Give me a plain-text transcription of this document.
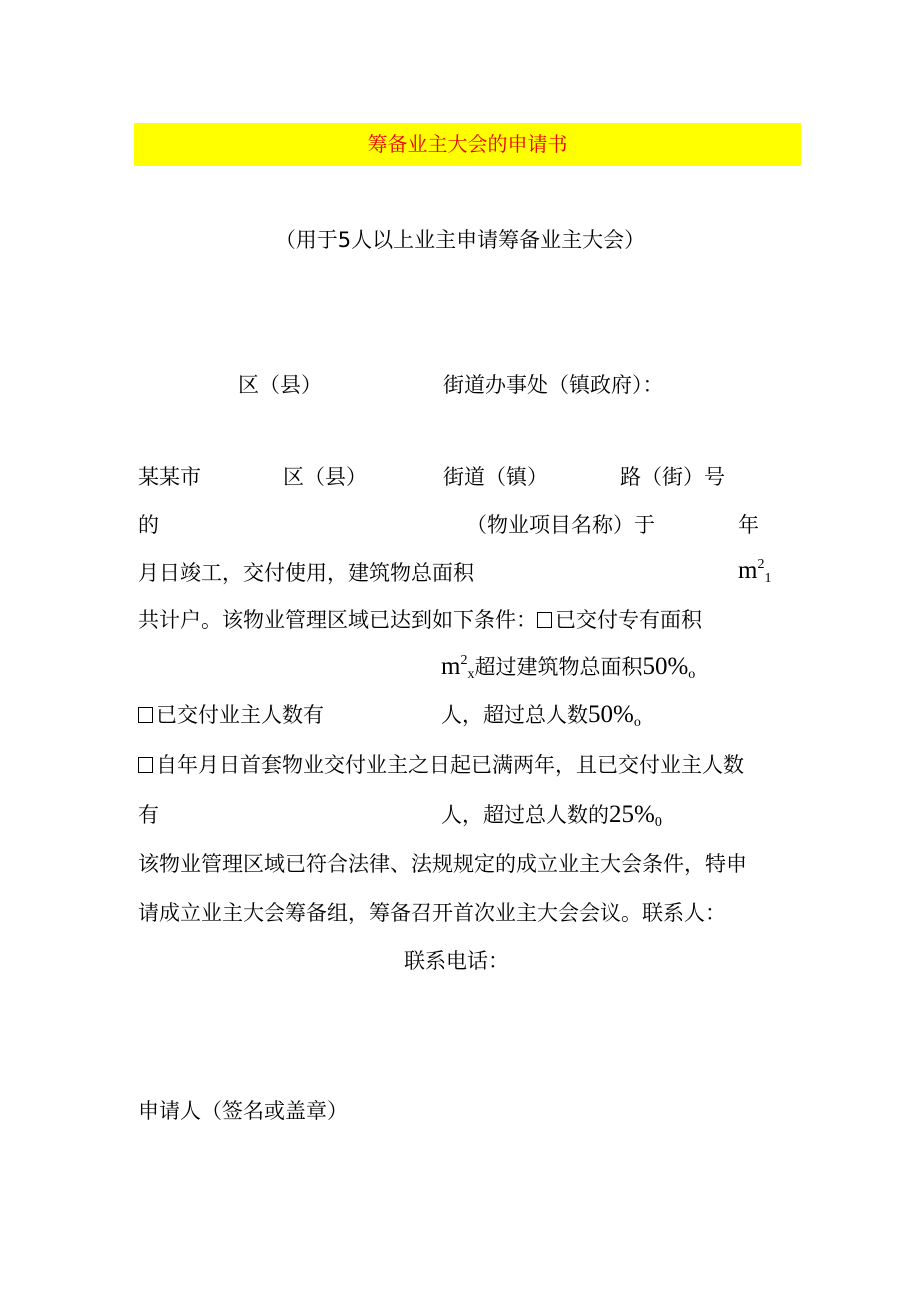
筹备业主大会的申请书
（用于5人以上业主申请筹备业主大会）
区（县）	街道办事处（镇政府）：
某某市	区（县）	街道（镇）	路（街）号
的	（物业项目名称）于	年
月日竣工，交付使用，建筑物总面积	$m^2_1$
共计户。该物业管理区域已达到如下条件： 已交付专有面积
$m^2_x$超过建筑物总面积$50\%_o$
已交付业主人数有	人，超过总人数$50\%_o$
自年月日首套物业交付业主之日起已满两年，且已交付业主人数
有	人，超过总人数的$25\%_0$
该物业管理区域已符合法律、法规规定的成立业主大会条件，特申
请成立业主大会筹备组，筹备召开首次业主大会会议。联系人：
联系电话：
申请人（签名或盖章）
